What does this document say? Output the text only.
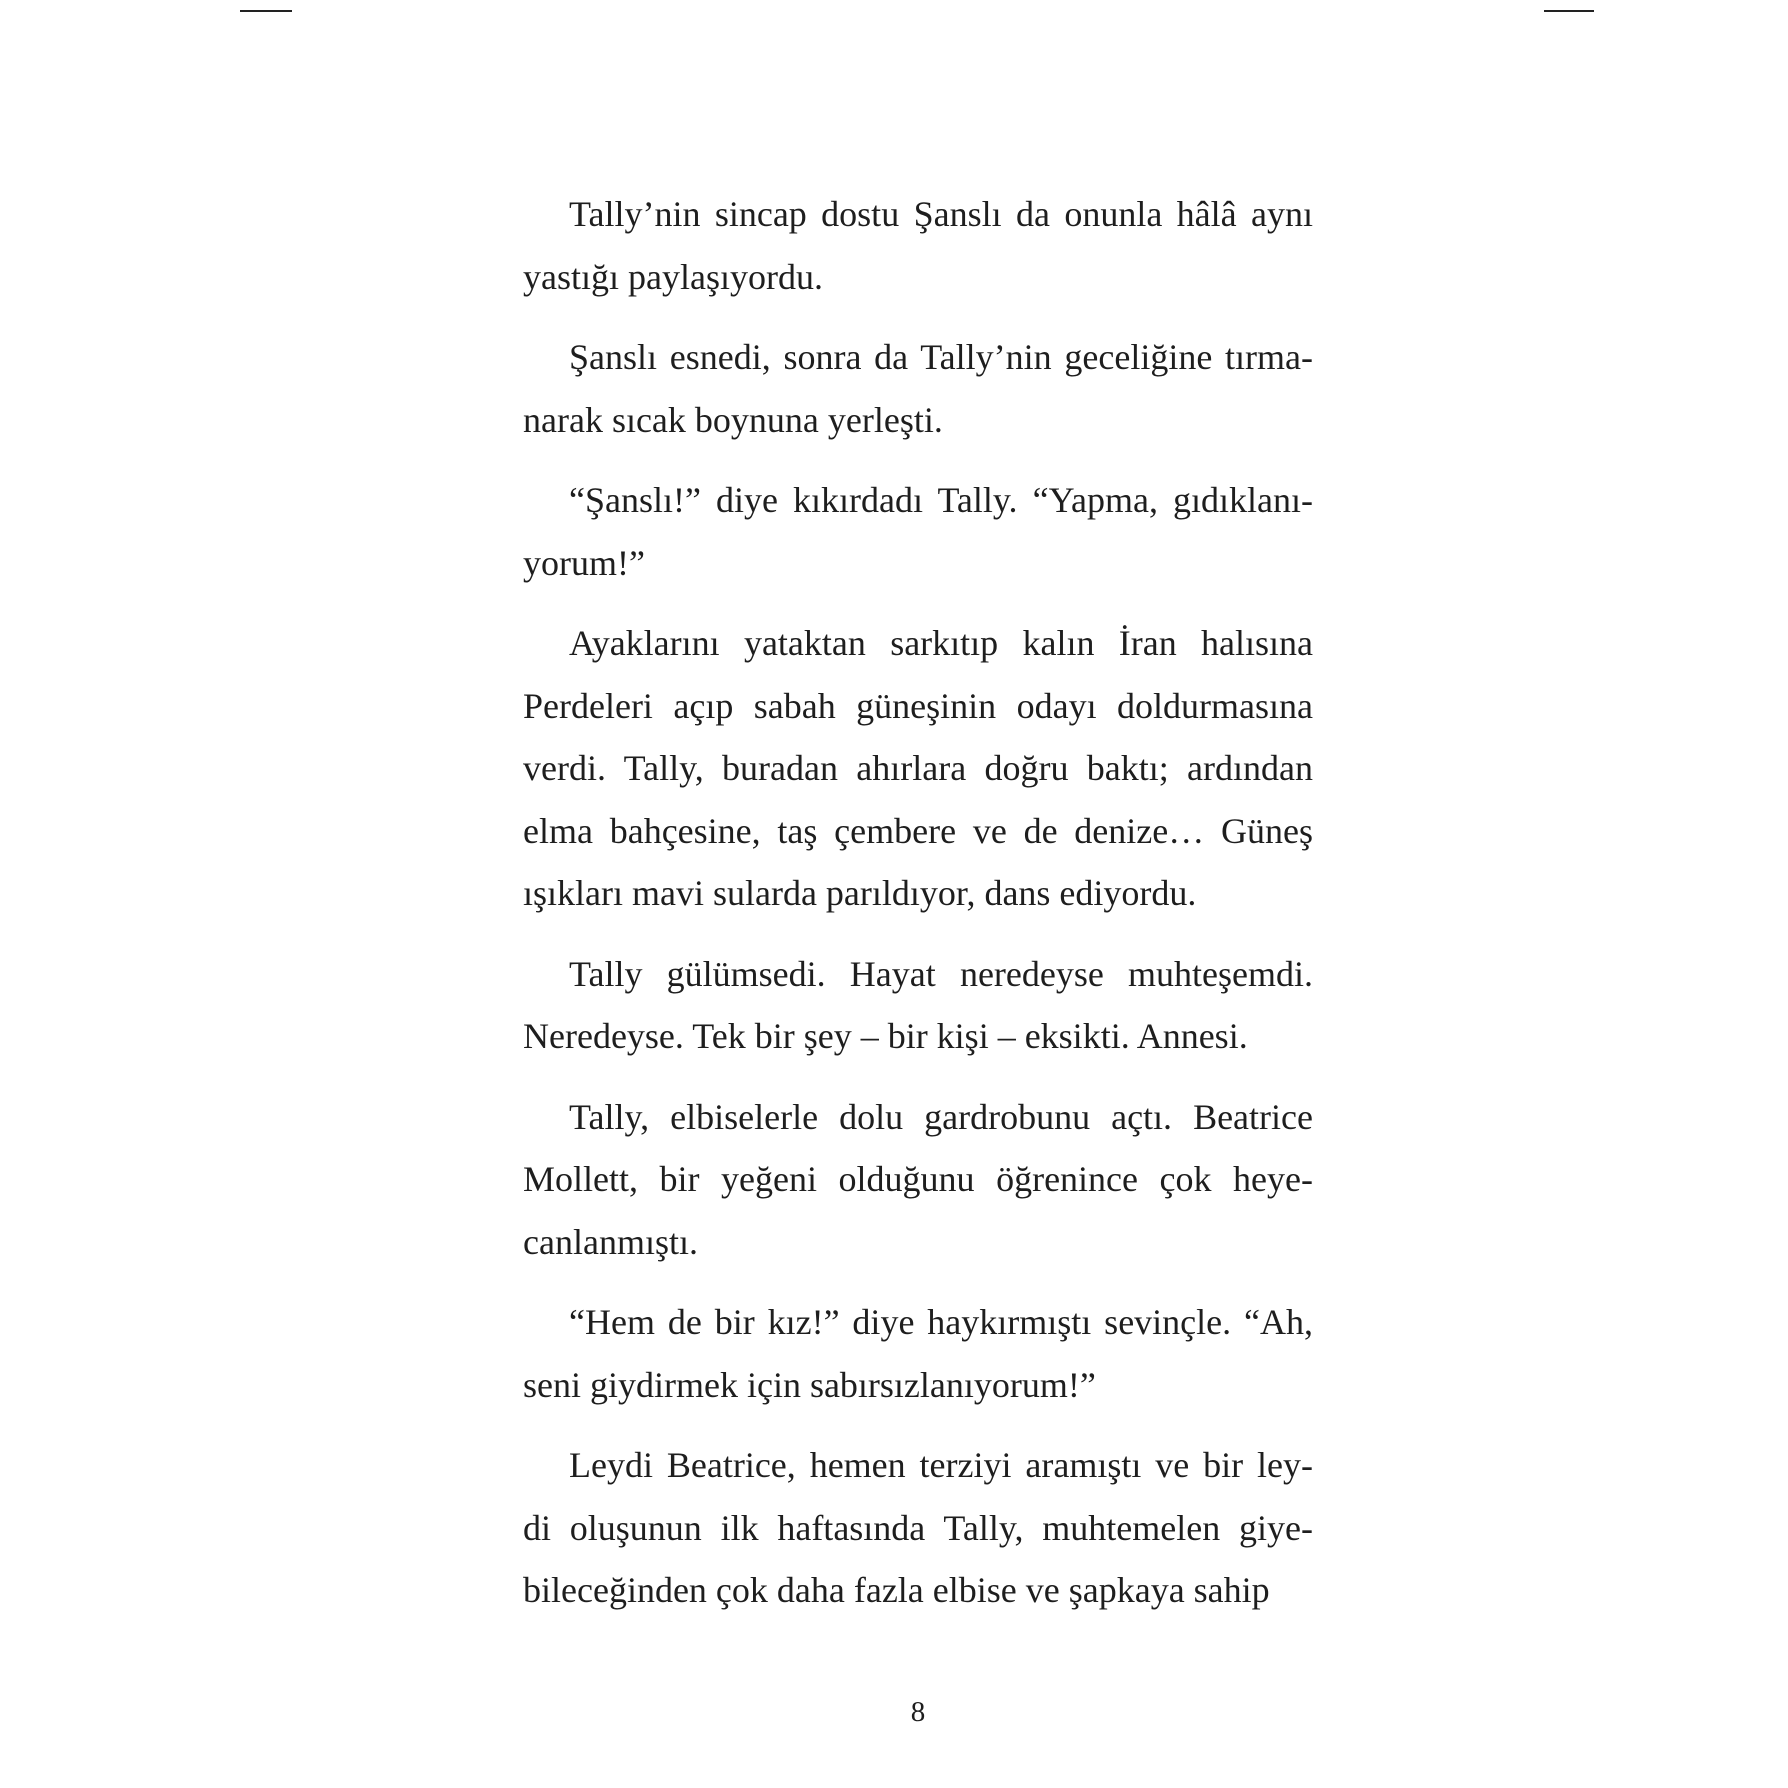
Tally’nin sincap dostu Şanslı da onunla hâlâ aynı
yastığı paylaşıyordu.
Şanslı esnedi, sonra da Tally’nin geceliğine tırma-
narak sıcak boynuna yerleşti.
“Şanslı!” diye kıkırdadı Tally. “Yapma, gıdıklanı-
yorum!”
Ayaklarını yataktan sarkıtıp kalın İran halısına
Perdeleri açıp sabah güneşinin odayı doldurmasına
verdi. Tally, buradan ahırlara doğru baktı; ardından
elma bahçesine, taş çembere ve de denize… Güneş
ışıkları mavi sularda parıldıyor, dans ediyordu.
Tally gülümsedi. Hayat neredeyse muhteşemdi.
Neredeyse. Tek bir şey – bir kişi – eksikti. Annesi.
Tally, elbiselerle dolu gardrobunu açtı. Beatrice
Mollett, bir yeğeni olduğunu öğrenince çok heye-
canlanmıştı.
“Hem de bir kız!” diye haykırmıştı sevinçle. “Ah,
seni giydirmek için sabırsızlanıyorum!”
Leydi Beatrice, hemen terziyi aramıştı ve bir ley-
di oluşunun ilk haftasında Tally, muhtemelen giye-
bileceğinden çok daha fazla elbise ve şapkaya sahip
8
